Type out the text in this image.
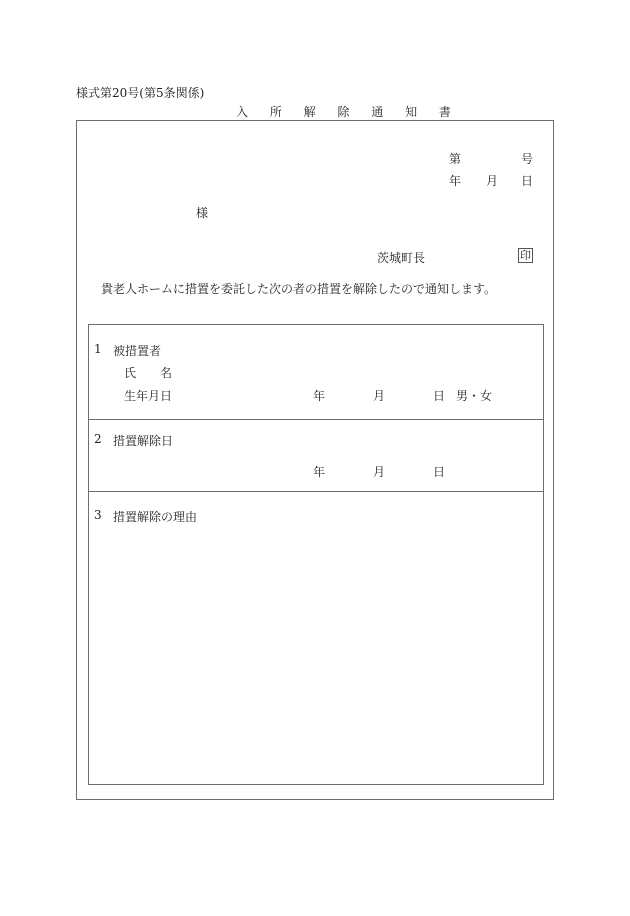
様式第20号(第5条関係)
入 所 解 除 通 知 書
第	号
年 月 日
様
茨城町長	印
貴老人ホームに措置を委託した次の者の措置を解除したので通知します。
1 被措置者
氏　　名
生年月日	年	月	日 男・女
2 措置解除日
年	月	日
3 措置解除の理由
